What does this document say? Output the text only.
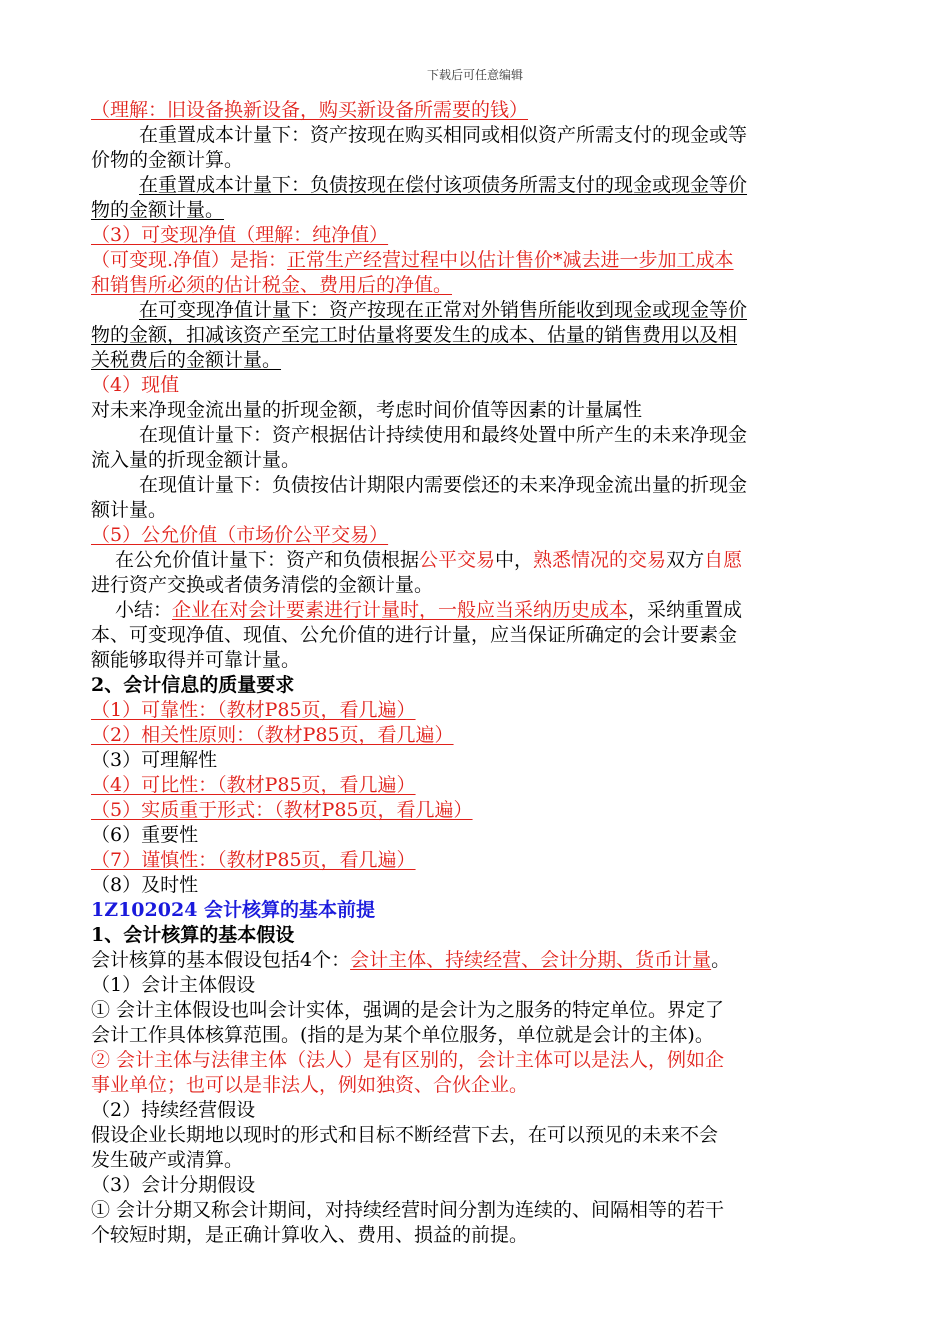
下载后可任意编辑
（理解：旧设备换新设备，购买新设备所需要的钱）
在重置成本计量下：资产按现在购买相同或相似资产所需支付的现金或等
价物的金额计算。
在重置成本计量下：负债按现在偿付该项债务所需支付的现金或现金等价
物的金额计量。
（3）可变现净值（理解：纯净值）
（可变现.净值）是指：正常生产经营过程中以估计售价*减去进一步加工成本
和销售所必须的估计税金、费用后的净值。
在可变现净值计量下：资产按现在正常对外销售所能收到现金或现金等价
物的金额，扣减该资产至完工时估量将要发生的成本、估量的销售费用以及相
关税费后的金额计量。
（4）现值
对未来净现金流出量的折现金额，考虑时间价值等因素的计量属性
在现值计量下：资产根据估计持续使用和最终处置中所产生的未来净现金
流入量的折现金额计量。
在现值计量下：负债按估计期限内需要偿还的未来净现金流出量的折现金
额计量。
（5）公允价值（市场价公平交易）
在公允价值计量下：资产和负债根据公平交易中，熟悉情况的交易双方自愿
进行资产交换或者债务清偿的金额计量。
小结：企业在对会计要素进行计量时，一般应当采纳历史成本，采纳重置成
本、可变现净值、现值、公允价值的进行计量，应当保证所确定的会计要素金
额能够取得并可靠计量。
2、会计信息的质量要求
（1）可靠性：（教材P85页，看几遍）
（2）相关性原则：（教材P85页，看几遍）
（3）可理解性
（4）可比性：（教材P85页，看几遍）
（5）实质重于形式：（教材P85页，看几遍）
（6）重要性
（7）谨慎性：（教材P85页，看几遍）
（8）及时性
1Z102024 会计核算的基本前提
1、会计核算的基本假设
会计核算的基本假设包括4个：会计主体、持续经营、会计分期、货币计量。
（1）会计主体假设
① 会计主体假设也叫会计实体，强调的是会计为之服务的特定单位。界定了
会计工作具体核算范围。(指的是为某个单位服务，单位就是会计的主体)。
② 会计主体与法律主体（法人）是有区别的，会计主体可以是法人，例如企
事业单位；也可以是非法人，例如独资、合伙企业。
（2）持续经营假设
假设企业长期地以现时的形式和目标不断经营下去，在可以预见的未来不会
发生破产或清算。
（3）会计分期假设
① 会计分期又称会计期间，对持续经营时间分割为连续的、间隔相等的若干
个较短时期，是正确计算收入、费用、损益的前提。
